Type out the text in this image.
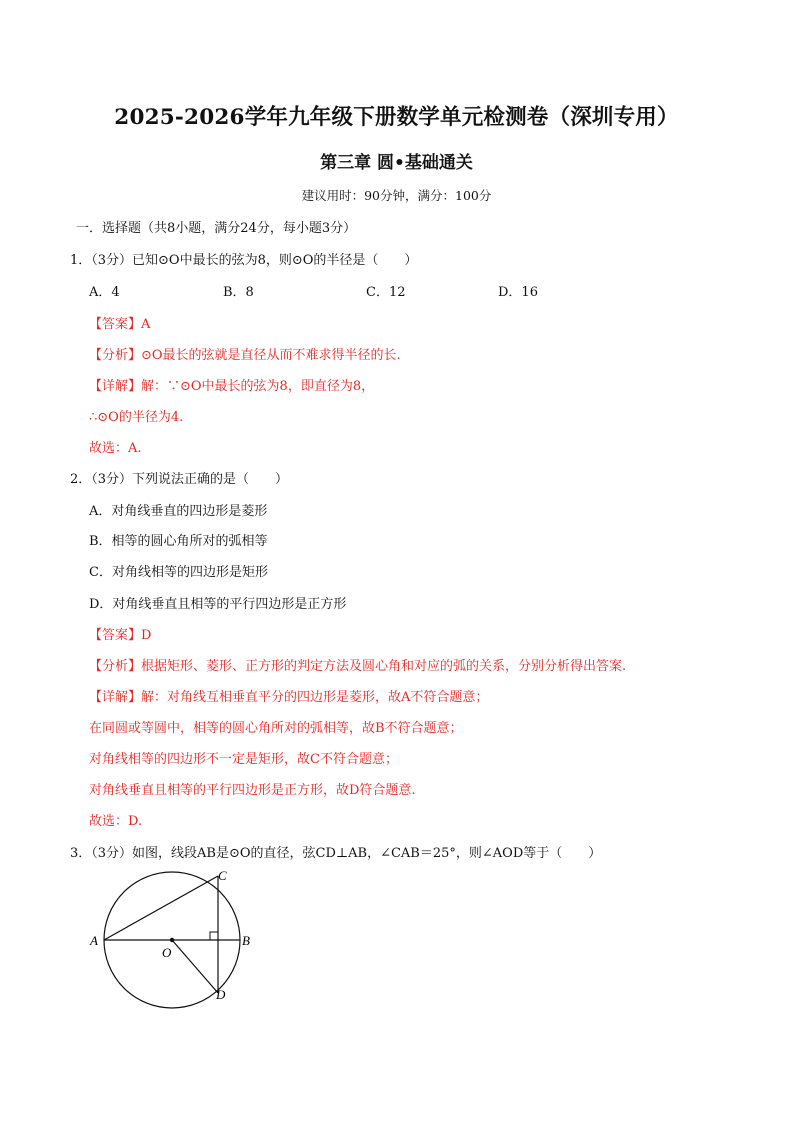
2025-2026学年九年级下册数学单元检测卷（深圳专用）
第三章 圆•基础通关
建议用时：90分钟，满分：100分
一．选择题（共8小题，满分24分，每小题3分）
1．（3分）已知⊙O中最长的弦为8，则⊙O的半径是（　　）
A．4	B．8	C．12	D．16
【答案】A
【分析】⊙O最长的弦就是直径从而不难求得半径的长.
【详解】解：∵⊙O中最长的弦为8，即直径为8，
∴⊙O的半径为4.
故选：A.
2．（3分）下列说法正确的是（　　）
A．对角线垂直的四边形是菱形
B．相等的圆心角所对的弧相等
C．对角线相等的四边形是矩形
D．对角线垂直且相等的平行四边形是正方形
【答案】D
【分析】根据矩形、菱形、正方形的判定方法及圆心角和对应的弧的关系，分别分析得出答案.
【详解】解：对角线互相垂直平分的四边形是菱形，故A不符合题意；
在同圆或等圆中，相等的圆心角所对的弧相等，故B不符合题意；
对角线相等的四边形不一定是矩形，故C不符合题意；
对角线垂直且相等的平行四边形是正方形，故D符合题意.
故选：D.
3．（3分）如图，线段AB是⊙O的直径，弦CD⊥AB，∠CAB＝25°，则∠AOD等于（　　）
A	B
C
D
O
